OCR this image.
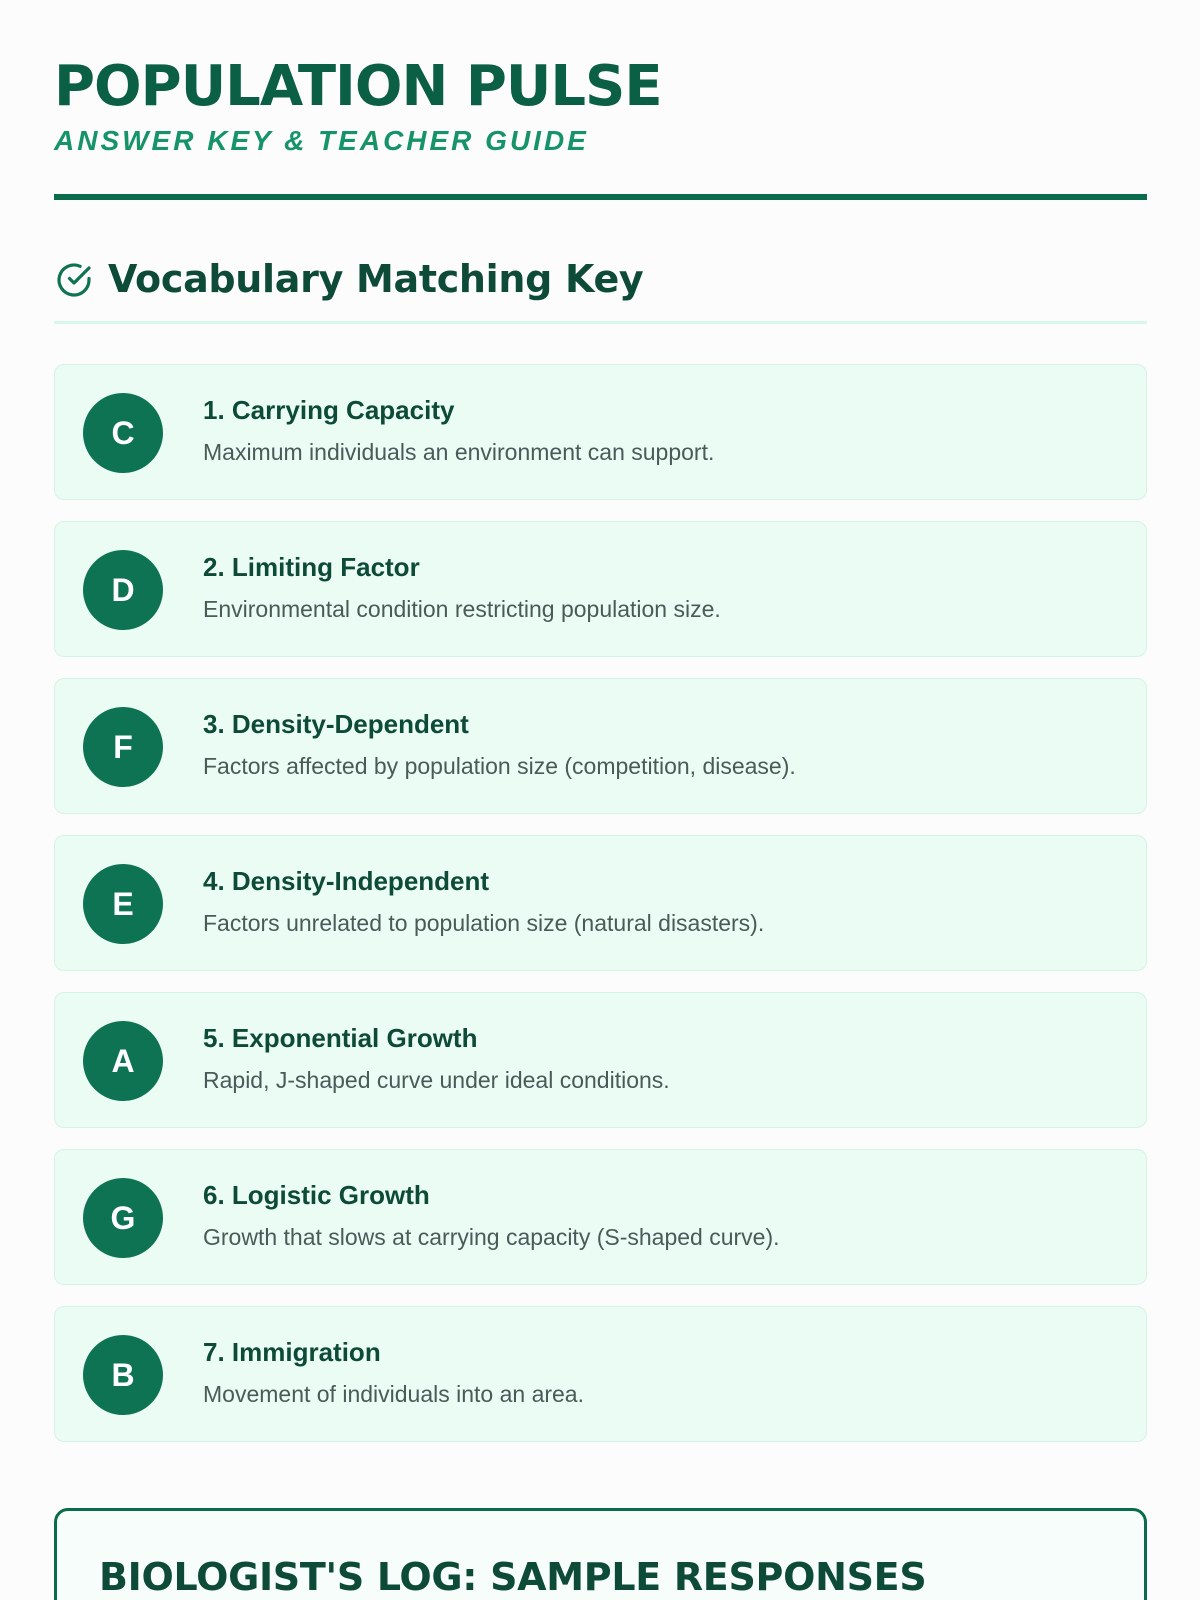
POPULATION PULSE
ANSWER KEY & TEACHER GUIDE
Vocabulary Matching Key
C
1. Carrying Capacity
Maximum individuals an environment can support.
D
2. Limiting Factor
Environmental condition restricting population size.
F
3. Density-Dependent
Factors affected by population size (competition, disease).
E
4. Density-Independent
Factors unrelated to population size (natural disasters).
A
5. Exponential Growth
Rapid, J-shaped curve under ideal conditions.
G
6. Logistic Growth
Growth that slows at carrying capacity (S-shaped curve).
B
7. Immigration
Movement of individuals into an area.
BIOLOGIST'S LOG: SAMPLE RESPONSES
